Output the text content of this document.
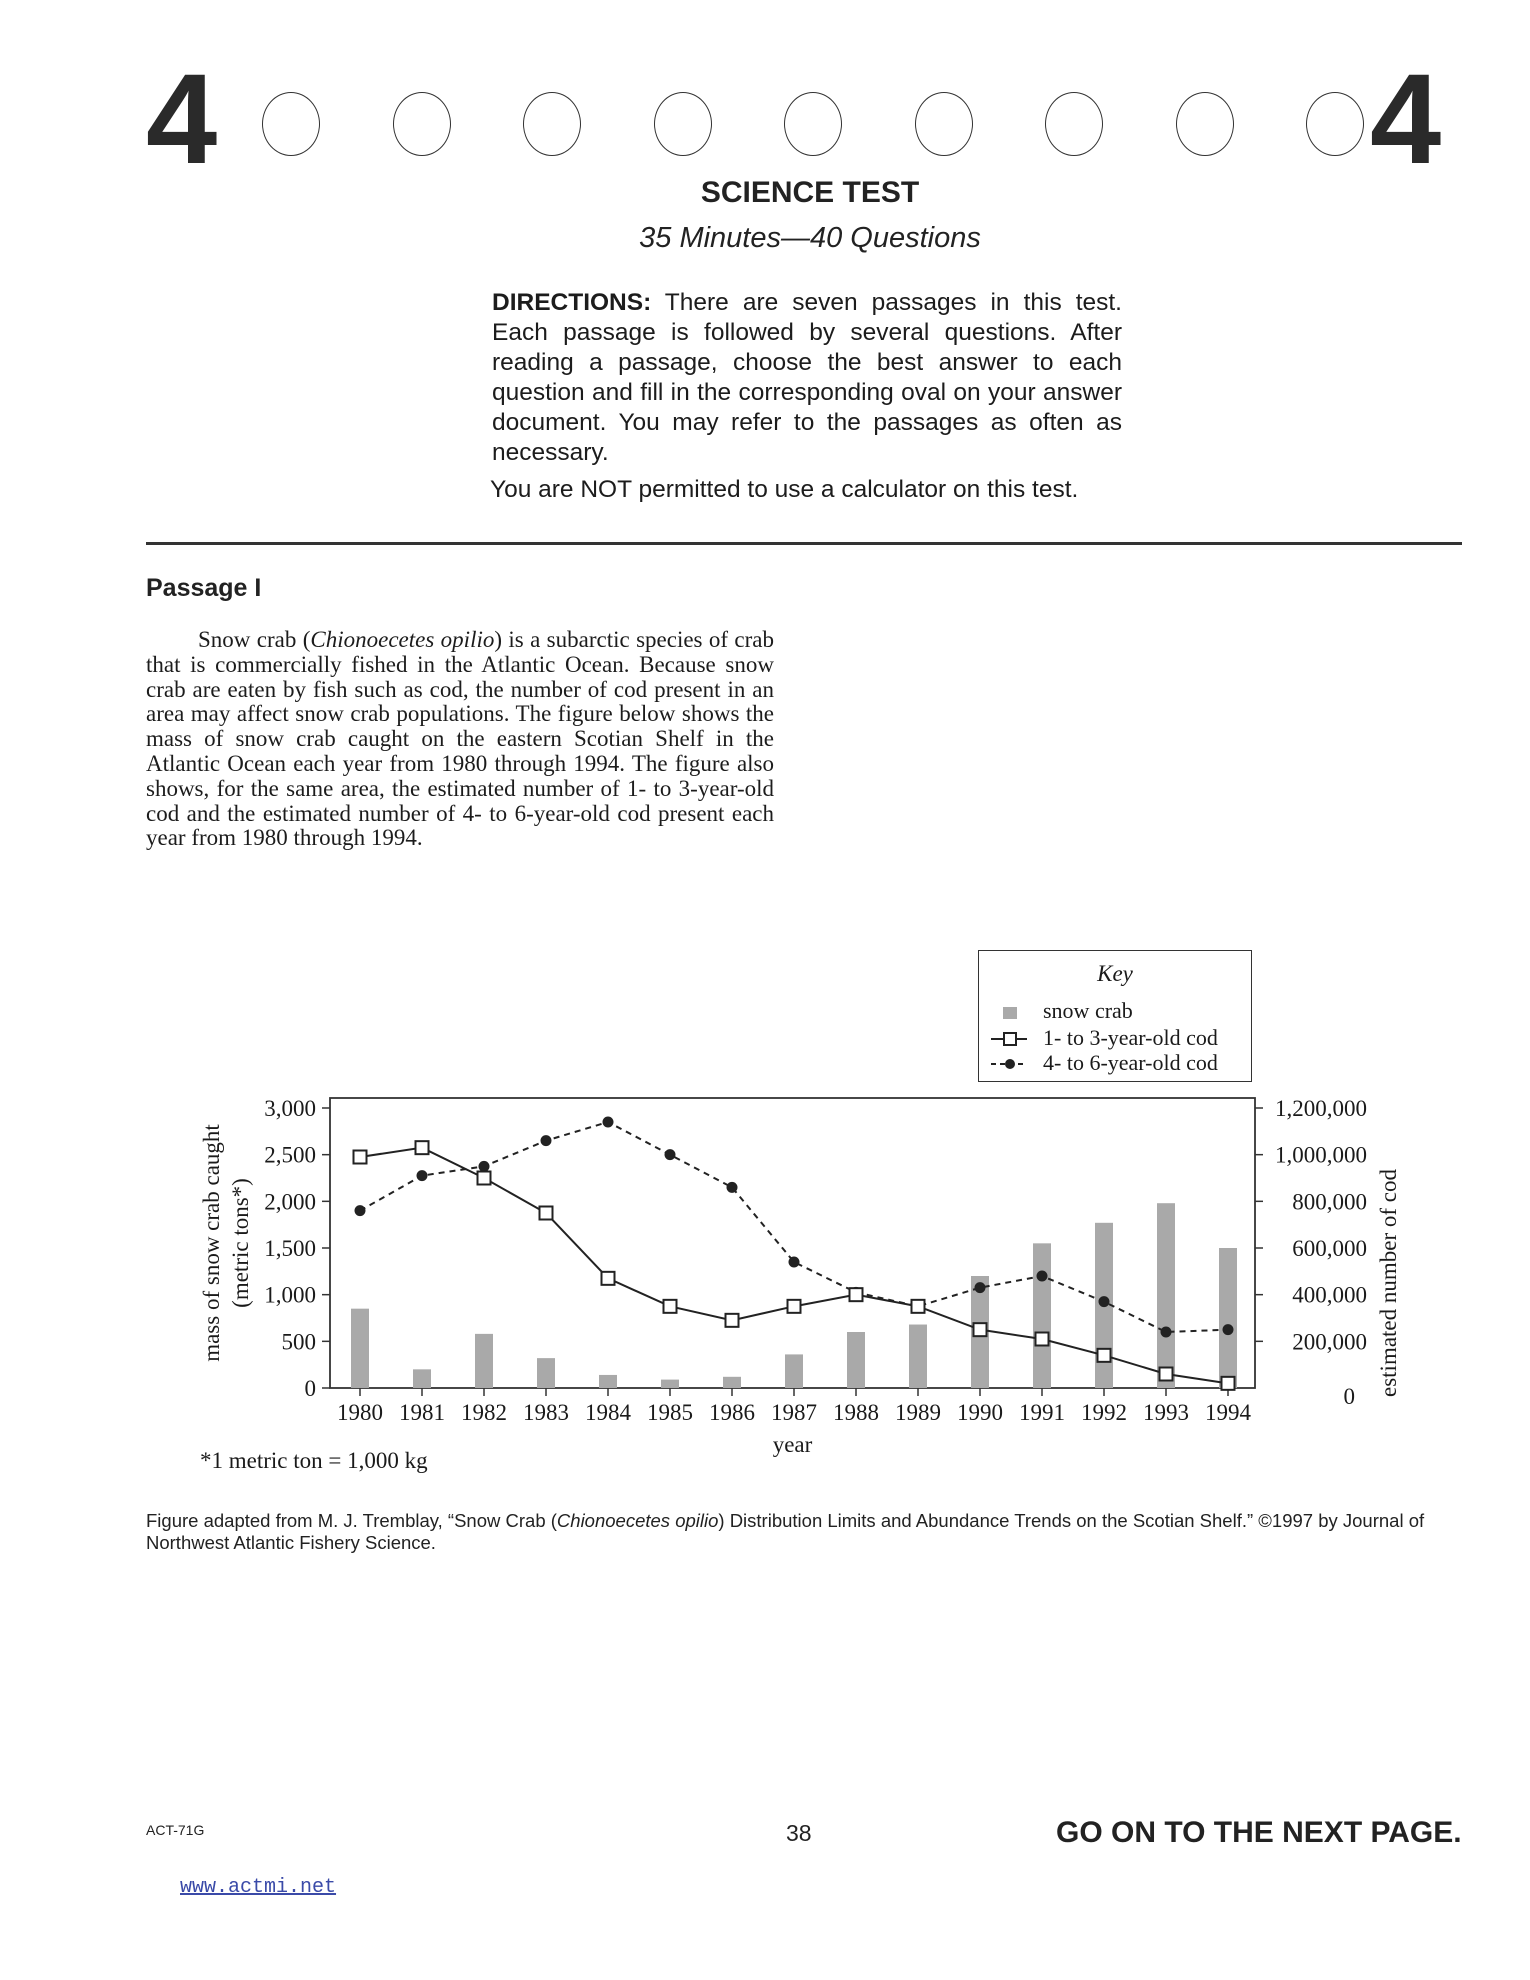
4	4
SCIENCE TEST
35 Minutes—40 Questions
DIRECTIONS: There are seven passages in this test. Each passage is followed by several questions. After reading a passage, choose the best answer to each question and fill in the corresponding oval on your answer document. You may refer to the passages as often as necessary.
You are NOT permitted to use a calculator on this test.
Passage I
Snow crab (Chionoecetes opilio) is a subarctic species of crab that is commercially fished in the Atlantic Ocean. Because snow crab are eaten by fish such as cod, the number of cod present in an area may affect snow crab populations. The figure below shows the mass of snow crab caught on the eastern Scotian Shelf in the Atlantic Ocean each year from 1980 through 1994. The figure also shows, for the same area, the estimated number of 1- to 3-year-old cod and the estimated number of 4- to 6-year-old cod present each year from 1980 through 1994.
0
500
1,000
1,500
2,000
2,500
3,000
0
200,000
400,000
600,000
800,000
1,000,000
1,200,000
1980 1981 1982 1983 1984 1985 1986 1987 1988 1989 1990 1991 1992 1993 1994
year
mass of snow crab caught (metric tons*)	estimated number of cod
Key
snow crab
1- to 3-year-old cod
4- to 6-year-old cod
*1 metric ton = 1,000 kg
Figure adapted from M. J. Tremblay, “Snow Crab (Chionoecetes opilio) Distribution Limits and Abundance Trends on the Scotian Shelf.” ©1997 by Journal of Northwest Atlantic Fishery Science.
ACT-71G	38	GO ON TO THE NEXT PAGE.
www.actmi.net
